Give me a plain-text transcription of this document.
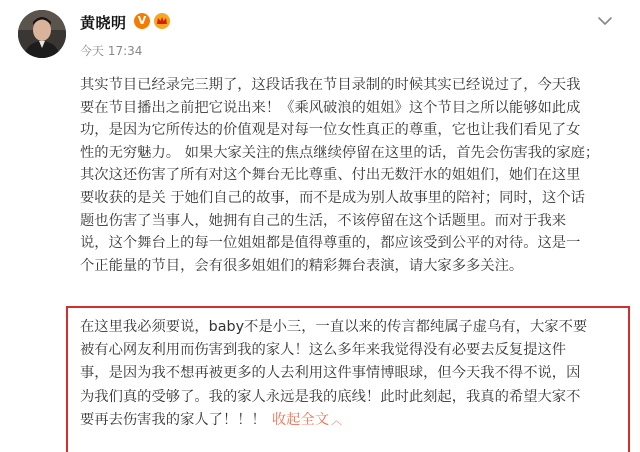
黄晓明	V
今天 17:34
其实节目已经录完三期了，这段话我在节目录制的时候其实已经说过了，今天我
要在节目播出之前把它说出来！《乘风破浪的姐姐》这个节目之所以能够如此成
功，是因为它所传达的价值观是对每一位女性真正的尊重，它也让我们看见了女
性的无穷魅力。 如果大家关注的焦点继续停留在这里的话，首先会伤害我的家庭；
其次这还伤害了所有对这个舞台无比尊重、付出无数汗水的姐姐们，她们在这里
要收获的是关 于她们自己的故事，而不是成为别人故事里的陪衬；同时，这个话
题也伤害了当事人，她拥有自己的生活，不该停留在这个话题里。而对于我来
说，这个舞台上的每一位姐姐都是值得尊重的，都应该受到公平的对待。这是一
个正能量的节目，会有很多姐姐们的精彩舞台表演，请大家多多关注。
在这里我必须要说，baby不是小三，一直以来的传言都纯属子虚乌有，大家不要
被有心网友利用而伤害到我的家人！这么多年来我觉得没有必要去反复提这件
事，是因为我不想再被更多的人去利用这件事情博眼球，但今天我不得不说，因
为我们真的受够了。我的家人永远是我的底线！此时此刻起，我真的希望大家不
要再去伤害我的家人了！！！ 收起全文 ︿
